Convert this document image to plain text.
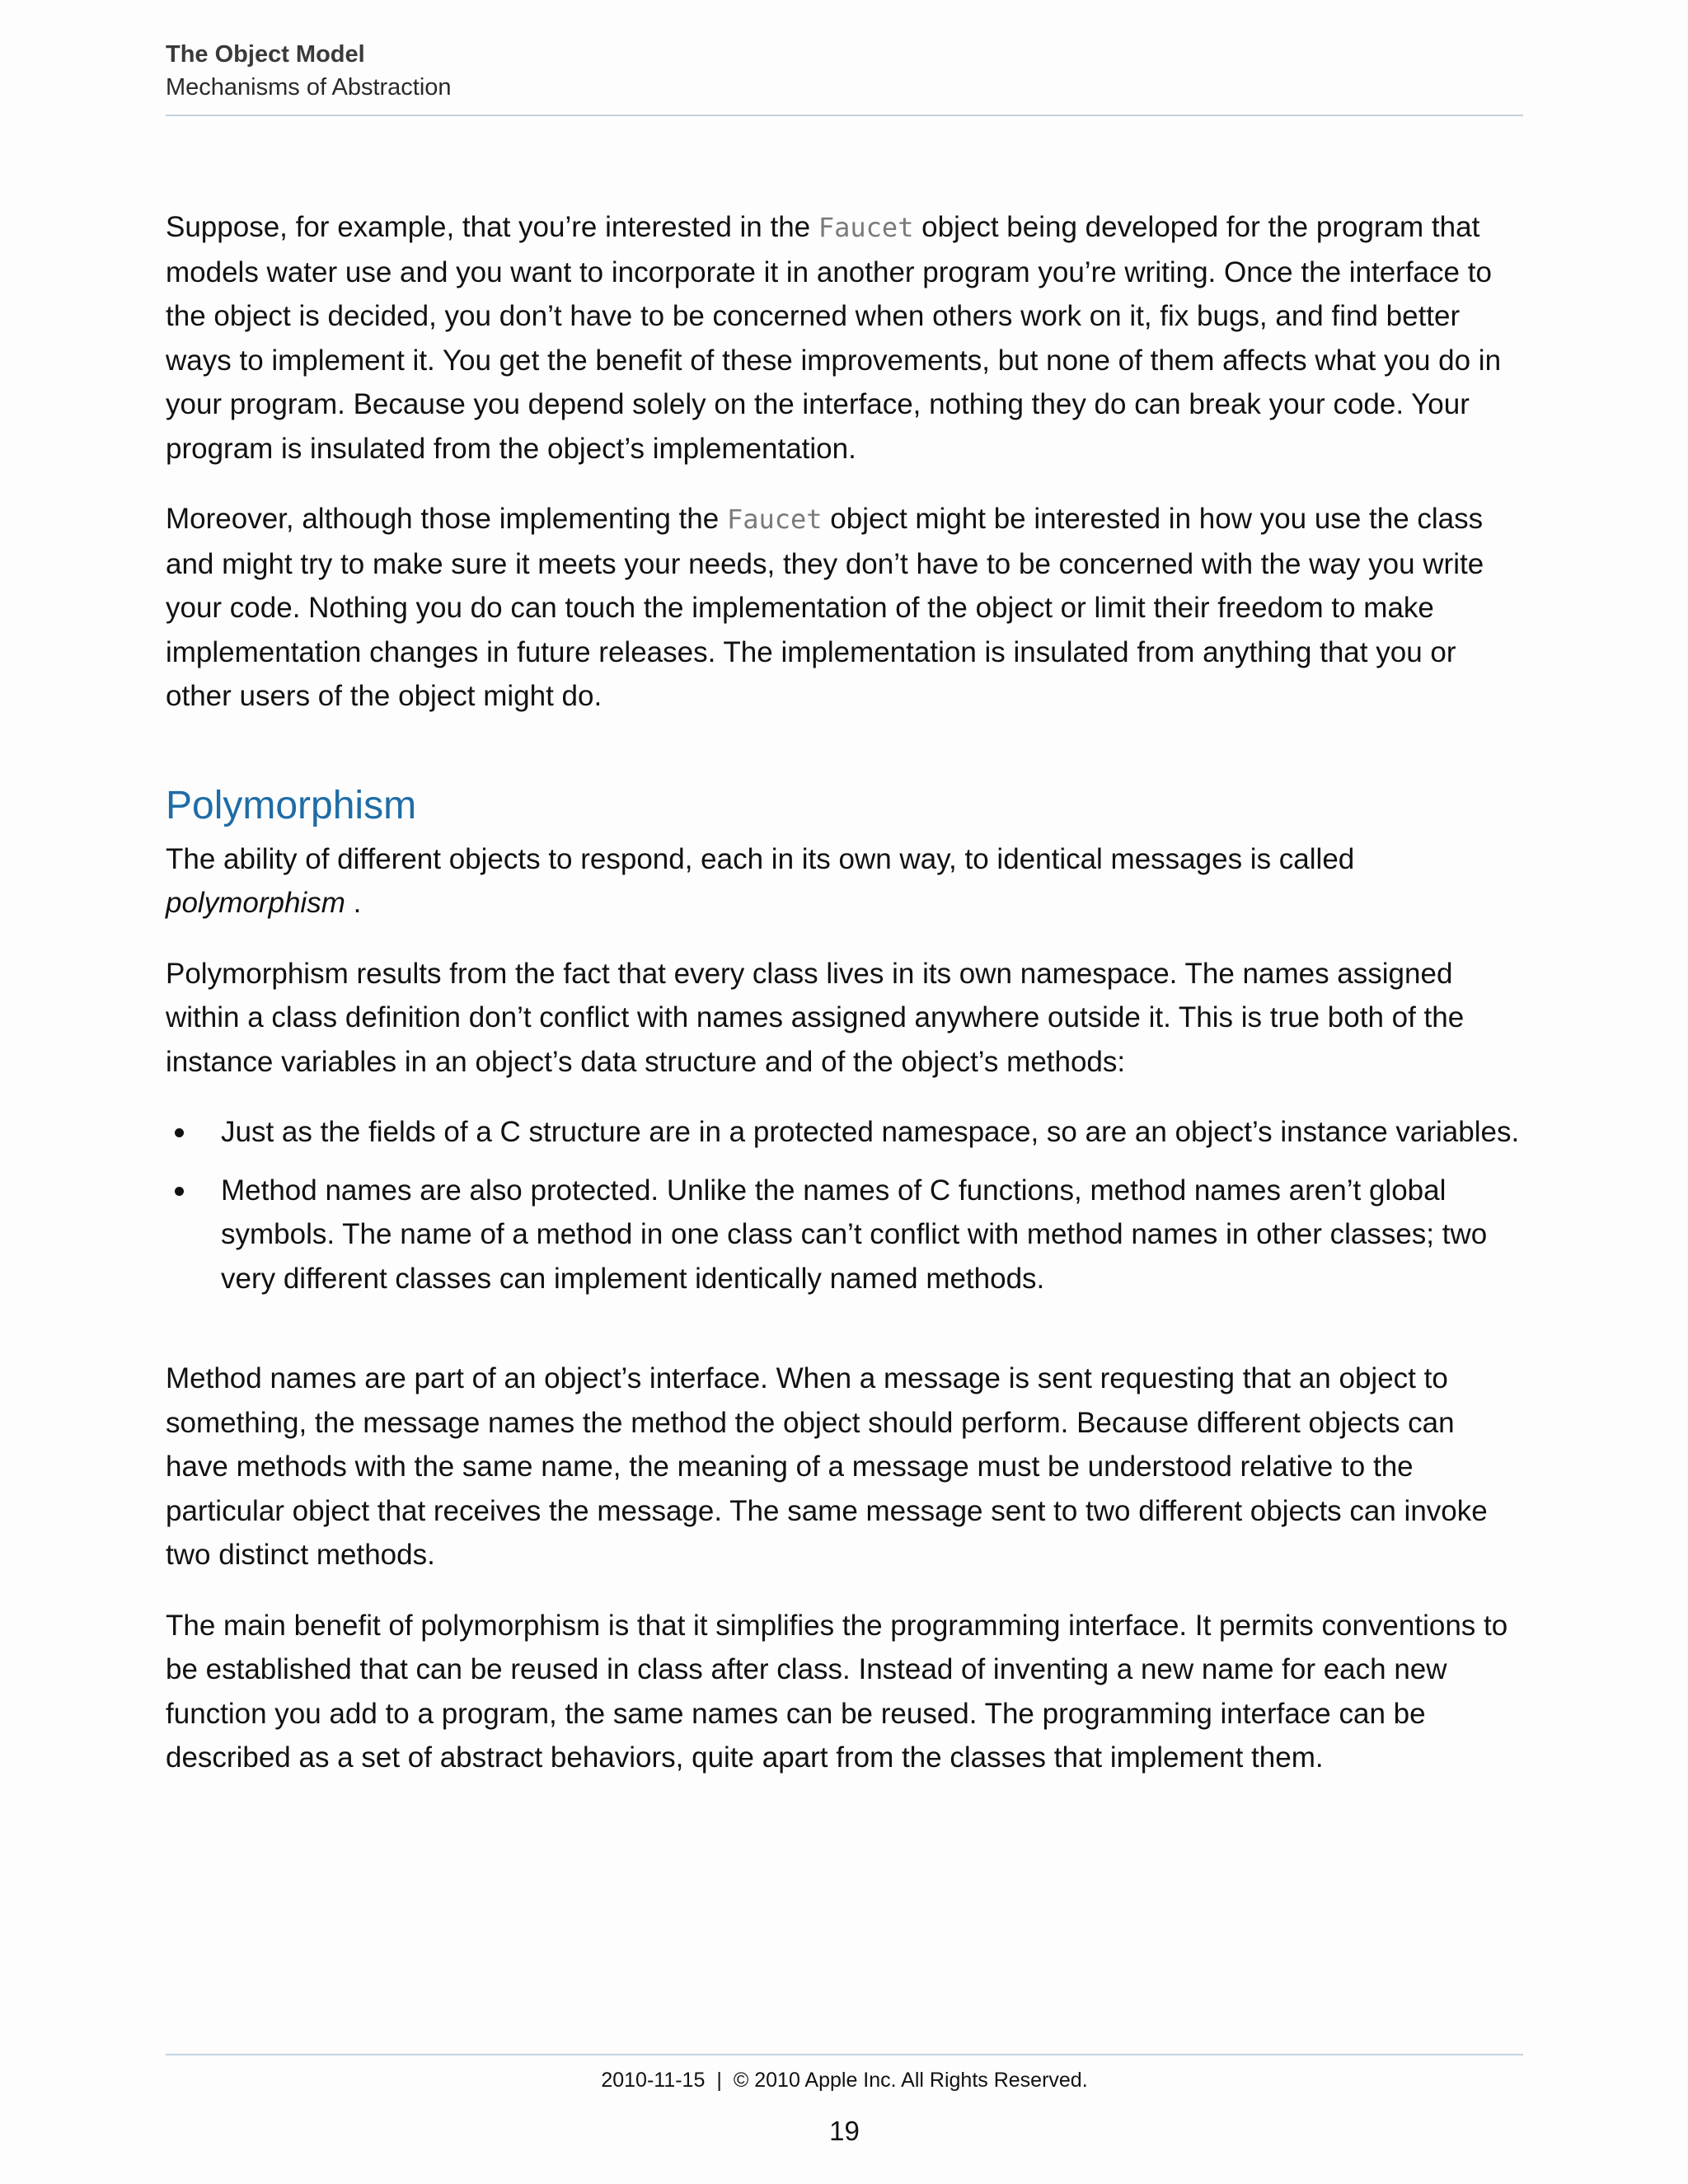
The Object Model
Mechanisms of Abstraction

Suppose, for example, that you’re interested in the Faucet object being developed for the program that models water use and you want to incorporate it in another program you’re writing. Once the interface to the object is decided, you don’t have to be concerned when others work on it, fix bugs, and find better ways to implement it. You get the benefit of these improvements, but none of them affects what you do in your program. Because you depend solely on the interface, nothing they do can break your code. Your program is insulated from the object’s implementation.

Moreover, although those implementing the Faucet object might be interested in how you use the class and might try to make sure it meets your needs, they don’t have to be concerned with the way you write your code. Nothing you do can touch the implementation of the object or limit their freedom to make implementation changes in future releases. The implementation is insulated from anything that you or other users of the object might do.

Polymorphism

The ability of different objects to respond, each in its own way, to identical messages is called polymorphism .

Polymorphism results from the fact that every class lives in its own namespace. The names assigned within a class definition don’t conflict with names assigned anywhere outside it. This is true both of the instance variables in an object’s data structure and of the object’s methods:

Just as the fields of a C structure are in a protected namespace, so are an object’s instance variables.
Method names are also protected. Unlike the names of C functions, method names aren’t global symbols. The name of a method in one class can’t conflict with method names in other classes; two very different classes can implement identically named methods.

Method names are part of an object’s interface. When a message is sent requesting that an object to something, the message names the method the object should perform. Because different objects can have methods with the same name, the meaning of a message must be understood relative to the particular object that receives the message. The same message sent to two different objects can invoke two distinct methods.

The main benefit of polymorphism is that it simplifies the programming interface. It permits conventions to be established that can be reused in class after class. Instead of inventing a new name for each new function you add to a program, the same names can be reused. The programming interface can be described as a set of abstract behaviors, quite apart from the classes that implement them.

2010-11-15 | © 2010 Apple Inc. All Rights Reserved.
19
